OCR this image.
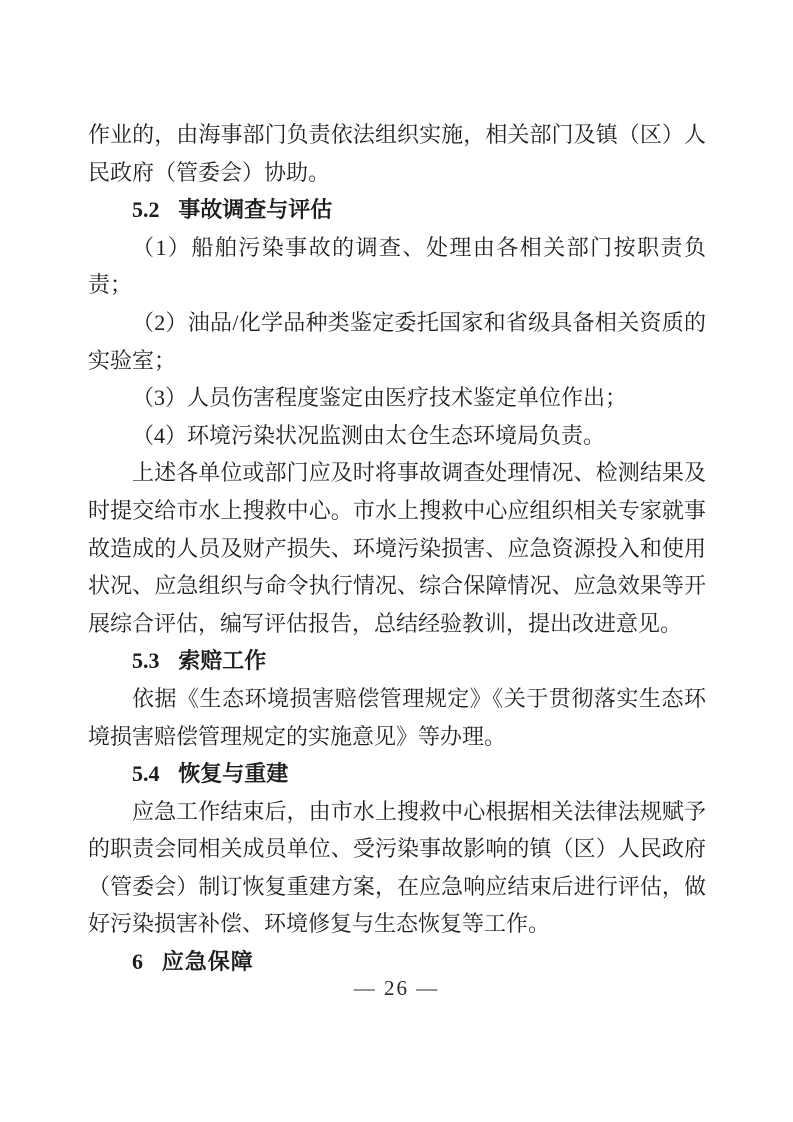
作业的，由海事部门负责依法组织实施，相关部门及镇（区）人民政府（管委会）协助。

5.2 事故调查与评估

（1）船舶污染事故的调查、处理由各相关部门按职责负责；

（2）油品/化学品种类鉴定委托国家和省级具备相关资质的实验室；

（3）人员伤害程度鉴定由医疗技术鉴定单位作出；

（4）环境污染状况监测由太仓生态环境局负责。

上述各单位或部门应及时将事故调查处理情况、检测结果及时提交给市水上搜救中心。市水上搜救中心应组织相关专家就事故造成的人员及财产损失、环境污染损害、应急资源投入和使用状况、应急组织与命令执行情况、综合保障情况、应急效果等开展综合评估，编写评估报告，总结经验教训，提出改进意见。

5.3 索赔工作

依据《生态环境损害赔偿管理规定》《关于贯彻落实生态环境损害赔偿管理规定的实施意见》等办理。

5.4 恢复与重建

应急工作结束后，由市水上搜救中心根据相关法律法规赋予的职责会同相关成员单位、受污染事故影响的镇（区）人民政府（管委会）制订恢复重建方案，在应急响应结束后进行评估，做好污染损害补偿、环境修复与生态恢复等工作。

6 应急保障
— 26 —
